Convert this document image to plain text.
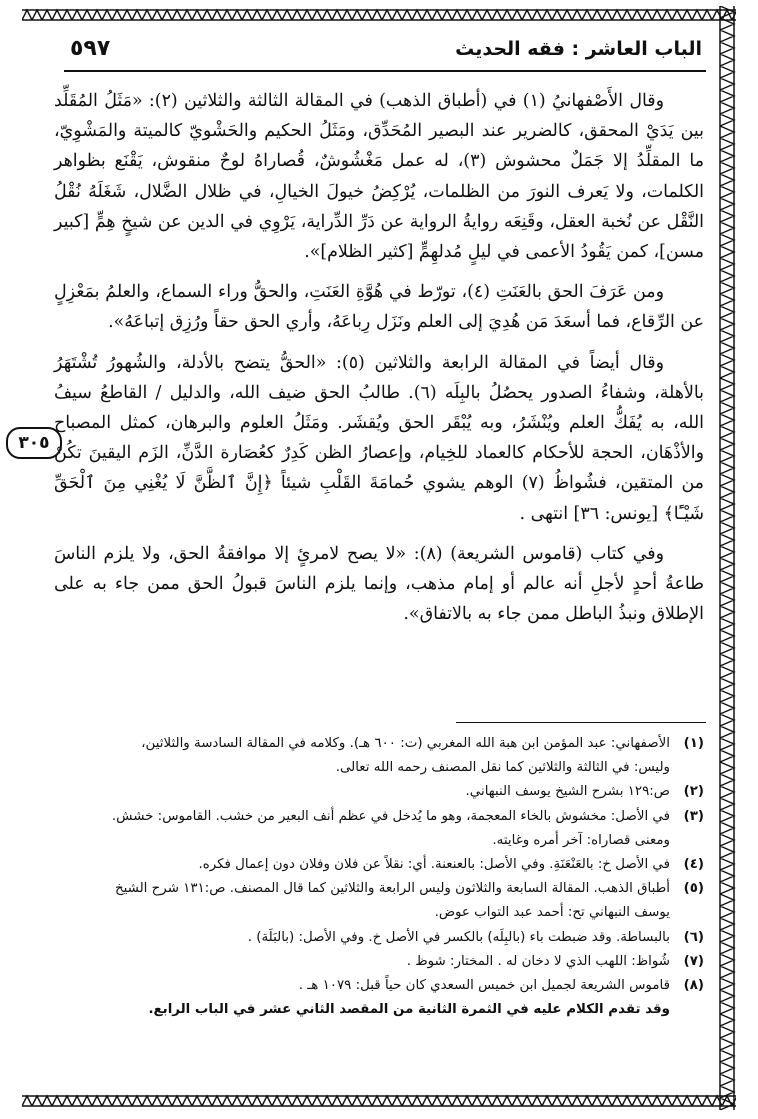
الباب العاشر : فقه الحديث
٥٩٧
٣٠٥

وقال الأَصْفهانيُ (١) في (أطباق الذهب) في المقالة الثالثة والثلاثين (٢): «مَثَلُ المُقَلِّد بين يَدَيْ المحقق، كالضرير عند البصير المُحَدِّق، ومَثَلُ الحكيم والحَشْويّ كالميتة والمَشْوِيّ، ما المقلِّدُ إلا جَمَلٌ محشوش (٣)، له عمل مَغْشُوشٌ، قُصاراهُ لوحٌ منقوش، يَقْنَع بظواهر الكلمات، ولا يَعرف النورَ من الظلمات، يُرْكِضُ خيولَ الخيالِ، في ظلال الضَّلال، شَغَلَهُ نُقْلُ النَّقْل عن نُخبة العقل، وقَنِعَه روايةُ الرواية عن دَرِّ الدِّراية، يَرْوِي في الدين عن شيخٍ هِمٍّ [كبير مسن]، كمن يَقُودُ الأعمى في ليلٍ مُدلهِمٍّ [كثير الظلام]».

ومن عَرَفَ الحق بالعَنَتِ (٤)، تورّط في هُوَّةِ العَنَتِ، والحقُّ وراء السماع، والعلمُ بمَعْزِلٍ عن الرِّقاع، فما أسعَدَ مَن هُدِيَ إلى العلم ونَزَل رِباعَهُ، وأري الحق حقاً ورُزِق إتباعَهُ».

وقال أيضاً في المقالة الرابعة والثلاثين (٥): «الحقُّ يتضح بالأدلة، والشُهورُ تُشْتَهَرُ بالأهلة، وشفاءُ الصدور يحصُلُ بالبِلَه (٦). طالبُ الحق ضيف الله، والدليل / القاطعُ سيفُ الله، به يُفَكُّ العلم ويُنْشَرُ، وبه يُبْقَر الحق ويُقشَر. ومَثَلُ العلوم والبرهان، كمثل المصباح والأذْهَان، الحجة للأحكام كالعماد للخِيام، وإعصارُ الظن كَدِرٌ كعُصَارة الدَّنِّ، الزَم اليقينَ تكُنْ من المتقين، فشُواظُ (٧) الوهم يشوي حُمامَةَ القَلْبِ شيئاً ﴿إِنَّ ٱلظَّنَّ لَا يُغْنِي مِنَ ٱلْحَقِّ شَيْـًٔا﴾ [يونس: ٣٦] انتهى .

وفي كتاب (قاموس الشريعة) (٨): «لا يصح لامرئٍ إلا موافقةُ الحق، ولا يلزم الناسَ طاعةُ أحدٍ لأجلِ أنه عالم أو إمام مذهب، وإنما يلزم الناسَ قبولُ الحق ممن جاء به على الإطلاق ونبذُ الباطل ممن جاء به بالاتفاق».

(١)
الأصفهاني: عبد المؤمن ابن هبة الله المغربي (ت: ٦٠٠ هـ). وكلامه في المقالة السادسة والثلاثين،
وليس: في الثالثة والثلاثين كما نقل المصنف رحمه الله تعالى.
(٢)
ص:١٢٩ بشرح الشيخ يوسف النبهاني.
(٣)
في الأصل: مخشوش بالخاء المعجمة، وهو ما يُدخل في عظم أنف البعير من خشب. القاموس: خشش.
ومعنى قصاراه: آخر أمره وغايته.
(٤)
في الأصل خ: بالعَنْعَنَةِ. وفي الأصل: بالعنعنة. أي: نقلاً عن فلان وفلان دون إعمال فكره.
(٥)
أطباق الذهب. المقالة السابعة والثلاثون وليس الرابعة والثلاثين كما قال المصنف. ص:١٣١ شرح الشيخ
يوسف النبهاني تح: أحمد عبد التواب عوض.
(٦)
بالبساطة. وقد ضبطت باء (بالبِلَه) بالكسر في الأصل خ. وفي الأصل: (بالبَلَة) .
(٧)
شُواظ: اللهب الذي لا دخان له . المختار: شوظ .
(٨)
قاموس الشريعة لجميل ابن خميس السعدي كان حياً قبل: ١٠٧٩ هـ .
وقد تقدم الكلام عليه في الثمرة الثانية من المقصد الثاني عشر في الباب الرابع.
